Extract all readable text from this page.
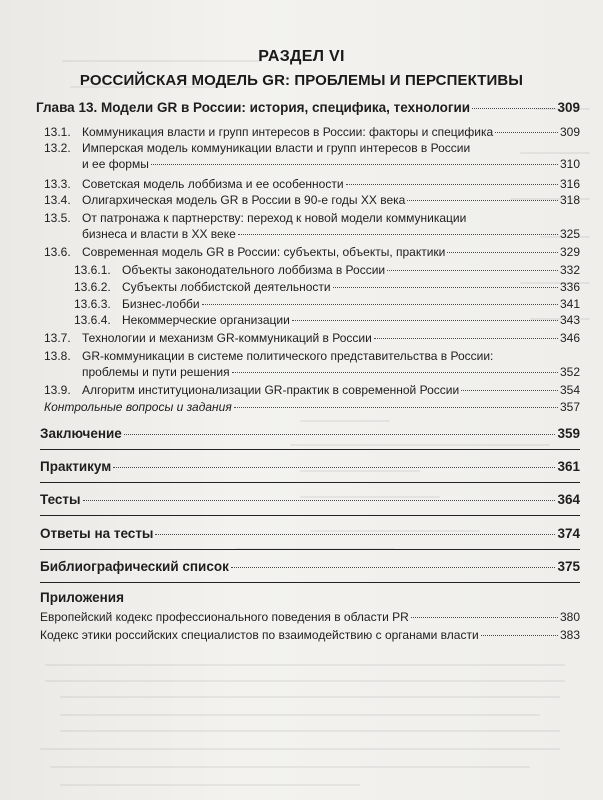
РАЗДЕЛ VI
РОССИЙСКАЯ МОДЕЛЬ GR: ПРОБЛЕМЫ И ПЕРСПЕКТИВЫ
Глава 13. Модели GR в России: история, специфика, технологии	309
13.1. Коммуникация власти и групп интересов в России: факторы и специфика	309
13.2. Имперская модель коммуникации власти и групп интересов в России
и ее формы	310
13.3. Советская модель лоббизма и ее особенности	316
13.4. Олигархическая модель GR в России в 90-е годы XX века	318
13.5. От патронажа к партнерству: переход к новой модели коммуникации
бизнеса и власти в XX веке	325
13.6. Современная модель GR в России: субъекты, объекты, практики	329
13.6.1. Объекты законодательного лоббизма в России	332
13.6.2. Субъекты лоббистской деятельности	336
13.6.3. Бизнес-лобби	341
13.6.4. Некоммерческие организации	343
13.7. Технологии и механизм GR-коммуникаций в России	346
13.8. GR-коммуникации в системе политического представительства в России:
проблемы и пути решения	352
13.9. Алгоритм институционализации GR-практик в современной России	354
Контрольные вопросы и задания	357
Заключение	359
Практикум	361
Тесты	364
Ответы на тесты	374
Библиографический список	375
Приложения
Европейский кодекс профессионального поведения в области PR	380
Кодекс этики российских специалистов по взаимодействию с органами власти	383
